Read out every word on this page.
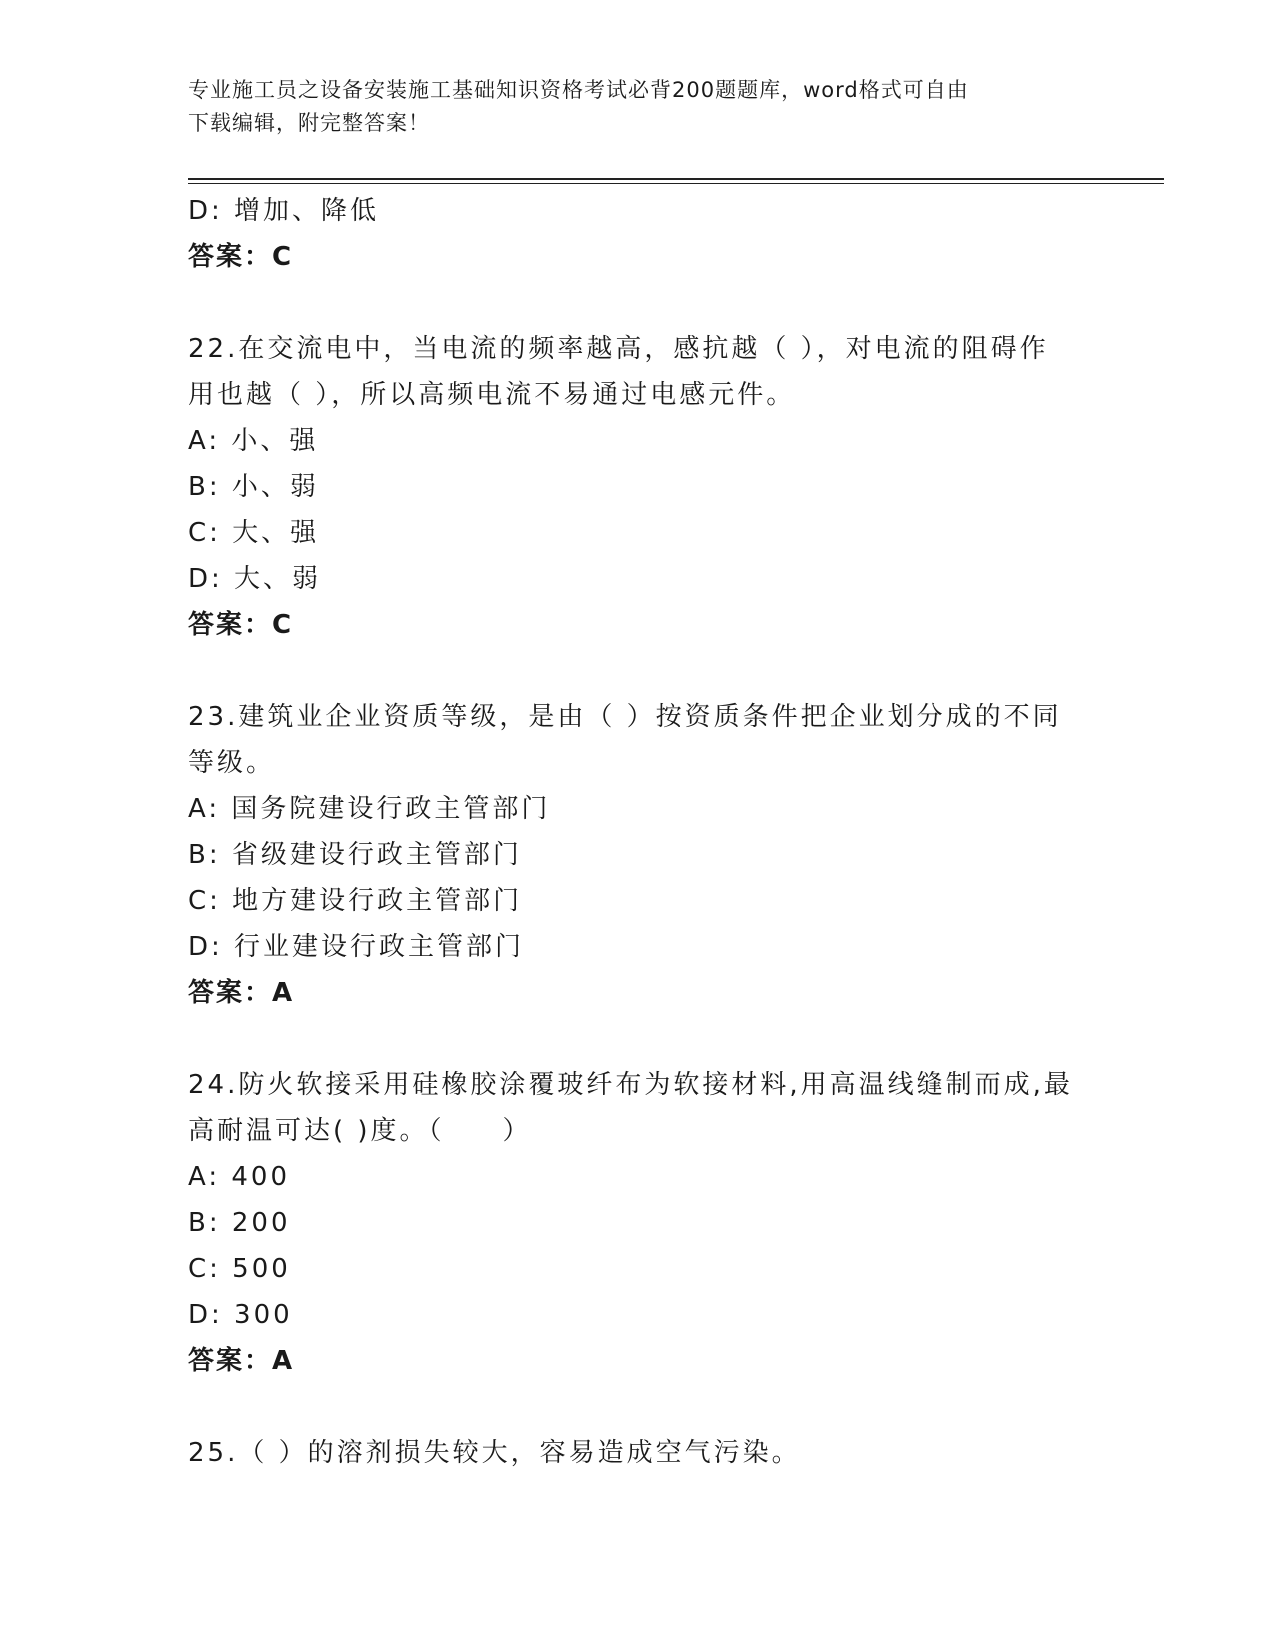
专业施工员之设备安装施工基础知识资格考试必背200题题库，word格式可自由
下载编辑，附完整答案！
D: 增加、降低
答案：C
22.在交流电中，当电流的频率越高，感抗越（ ），对电流的阻碍作
用也越（ ），所以高频电流不易通过电感元件。
A: 小、强
B: 小、弱
C: 大、强
D: 大、弱
答案：C
23.建筑业企业资质等级，是由（ ）按资质条件把企业划分成的不同
等级。
A: 国务院建设行政主管部门
B: 省级建设行政主管部门
C: 地方建设行政主管部门
D: 行业建设行政主管部门
答案：A
24.防火软接采用硅橡胶涂覆玻纤布为软接材料,用高温线缝制而成,最
高耐温可达( )度。（　　）
A: 400
B: 200
C: 500
D: 300
答案：A
25.（ ）的溶剂损失较大，容易造成空气污染。
